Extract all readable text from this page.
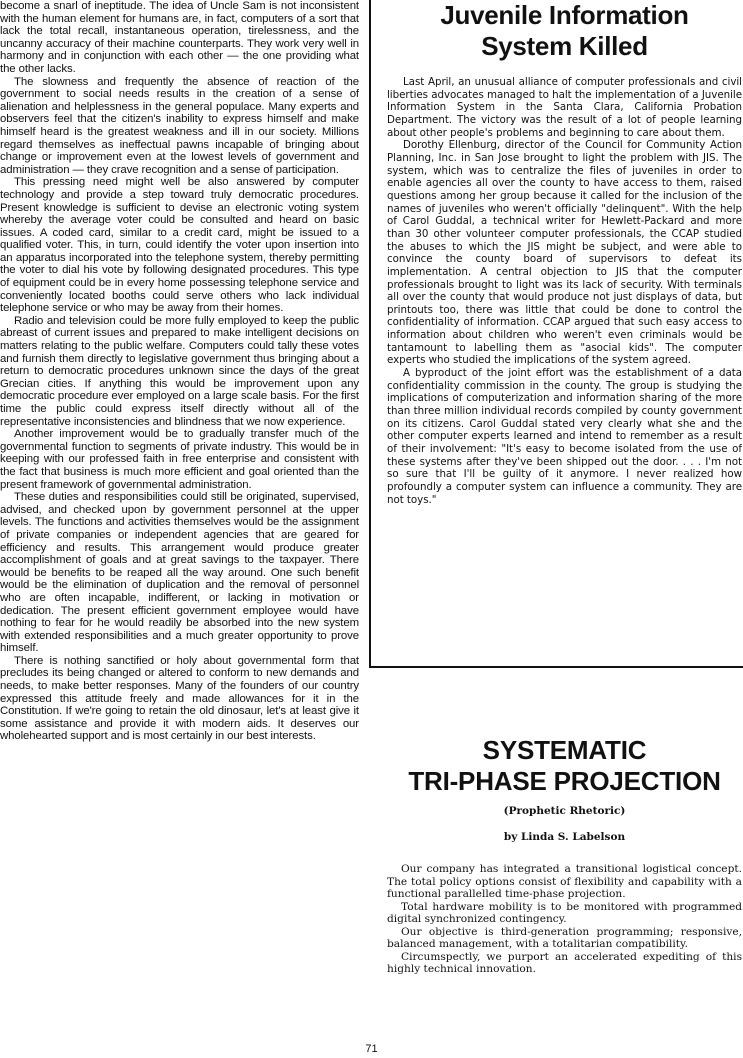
become a snarl of ineptitude. The idea of Uncle Sam is not inconsistent with the human element for humans are, in fact, computers of a sort that lack the total recall, instantaneous operation, tirelessness, and the uncanny accuracy of their machine counterparts. They work very well in harmony and in conjunction with each other — the one providing what the other lacks.

The slowness and frequently the absence of reaction of the government to social needs results in the creation of a sense of alienation and helplessness in the general populace. Many experts and observers feel that the citizen's inability to express himself and make himself heard is the greatest weakness and ill in our society. Millions regard themselves as ineffectual pawns incapable of bringing about change or improvement even at the lowest levels of government and administration — they crave recognition and a sense of participation.

This pressing need might well be also answered by computer technology and provide a step toward truly democratic procedures. Present knowledge is sufficient to devise an electronic voting system whereby the average voter could be consulted and heard on basic issues. A coded card, similar to a credit card, might be issued to a qualified voter. This, in turn, could identify the voter upon insertion into an apparatus incorporated into the telephone system, thereby permitting the voter to dial his vote by following designated procedures. This type of equipment could be in every home possessing telephone service and conveniently located booths could serve others who lack individual telephone service or who may be away from their homes.

Radio and television could be more fully employed to keep the public abreast of current issues and prepared to make intelligent decisions on matters relating to the public welfare. Computers could tally these votes and furnish them directly to legislative government thus bringing about a return to democratic procedures unknown since the days of the great Grecian cities. If anything this would be improvement upon any democratic procedure ever employed on a large scale basis. For the first time the public could express itself directly without all of the representative inconsistencies and blindness that we now experience.

Another improvement would be to gradually transfer much of the governmental function to segments of private industry. This would be in keeping with our professed faith in free enterprise and consistent with the fact that business is much more efficient and goal oriented than the present framework of governmental administration.

These duties and responsibilities could still be originated, supervised, advised, and checked upon by government personnel at the upper levels. The functions and activities themselves would be the assignment of private companies or independent agencies that are geared for efficiency and results. This arrangement would produce greater accomplishment of goals and at great savings to the taxpayer. There would be benefits to be reaped all the way around. One such benefit would be the elimination of duplication and the removal of personnel who are often incapable, indifferent, or lacking in motivation or dedication. The present efficient government employee would have nothing to fear for he would readily be absorbed into the new system with extended responsibilities and a much greater opportunity to prove himself.

There is nothing sanctified or holy about governmental form that precludes its being changed or altered to conform to new demands and needs, to make better responses. Many of the founders of our country expressed this attitude freely and made allowances for it in the Constitution. If we're going to retain the old dinosaur, let's at least give it some assistance and provide it with modern aids. It deserves our wholehearted support and is most certainly in our best interests.

Juvenile Information
System Killed

Last April, an unusual alliance of computer professionals and civil liberties advocates managed to halt the implementation of a Juvenile Information System in the Santa Clara, California Probation Department. The victory was the result of a lot of people learning about other people's problems and beginning to care about them.

Dorothy Ellenburg, director of the Council for Community Action Planning, Inc. in San Jose brought to light the problem with JIS. The system, which was to centralize the files of juveniles in order to enable agencies all over the county to have access to them, raised questions among her group because it called for the inclusion of the names of juveniles who weren't officially "delinquent". With the help of Carol Guddal, a technical writer for Hewlett-Packard and more than 30 other volunteer computer professionals, the CCAP studied the abuses to which the JIS might be subject, and were able to convince the county board of supervisors to defeat its implementation. A central objection to JIS that the computer professionals brought to light was its lack of security. With terminals all over the county that would produce not just displays of data, but printouts too, there was little that could be done to control the confidentiality of information. CCAP argued that such easy access to information about children who weren't even criminals would be tantamount to labelling them as "asocial kids". The computer experts who studied the implications of the system agreed.

A byproduct of the joint effort was the establishment of a data confidentiality commission in the county. The group is studying the implications of computerization and information sharing of the more than three million individual records compiled by county government on its citizens. Carol Guddal stated very clearly what she and the other computer experts learned and intend to remember as a result of their involvement: "It's easy to become isolated from the use of these systems after they've been shipped out the door. . . . I'm not so sure that I'll be guilty of it anymore. I never realized how profoundly a computer system can influence a community. They are not toys."

SYSTEMATIC
TRI-PHASE PROJECTION
(Prophetic Rhetoric)
by Linda S. Labelson

Our company has integrated a transitional logistical concept. The total policy options consist of flexibility and capability with a functional parallelled time-phase projection.

Total hardware mobility is to be monitored with programmed digital synchronized contingency.

Our objective is third-generation programming; responsive, balanced management, with a totalitarian compatibility.

Circumspectly, we purport an accelerated expediting of this highly technical innovation.

71
